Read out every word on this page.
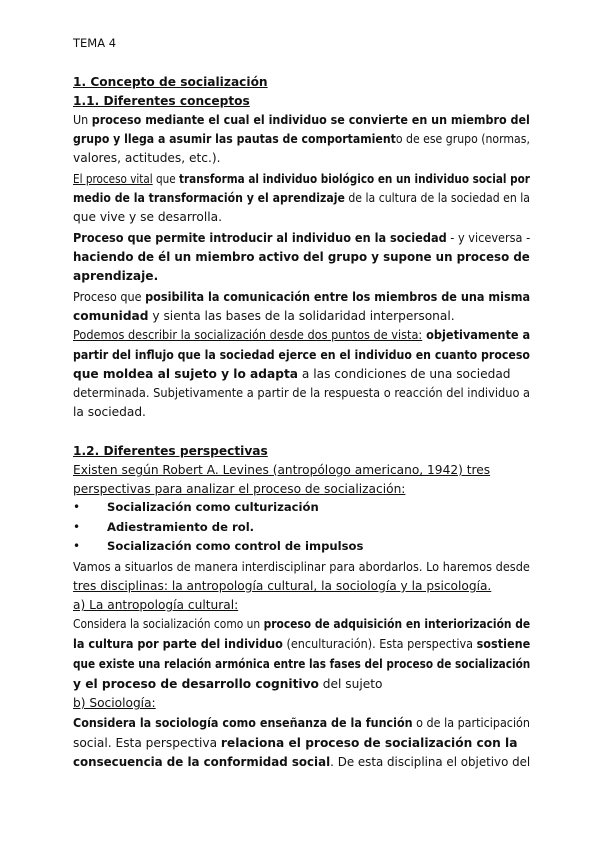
TEMA 4
1. Concepto de socialización
1.1. Diferentes conceptos
Un proceso mediante el cual el individuo se convierte en un miembro del
grupo y llega a asumir las pautas de comportamiento de ese grupo (normas,
valores, actitudes, etc.).
El proceso vital que transforma al individuo biológico en un individuo social por
medio de la transformación y el aprendizaje de la cultura de la sociedad en la
que vive y se desarrolla.
Proceso que permite introducir al individuo en la sociedad - y viceversa -
haciendo de él un miembro activo del grupo y supone un proceso de
aprendizaje.
Proceso que posibilita la comunicación entre los miembros de una misma
comunidad y sienta las bases de la solidaridad interpersonal.
Podemos describir la socialización desde dos puntos de vista: objetivamente a
partir del influjo que la sociedad ejerce en el individuo en cuanto proceso
que moldea al sujeto y lo adapta a las condiciones de una sociedad
determinada. Subjetivamente a partir de la respuesta o reacción del individuo a
la sociedad.
1.2. Diferentes perspectivas
Existen según Robert A. Levines (antropólogo americano, 1942) tres
perspectivas para analizar el proceso de socialización:
• Socialización como culturización
• Adiestramiento de rol.
• Socialización como control de impulsos
Vamos a situarlos de manera interdisciplinar para abordarlos. Lo haremos desde
tres disciplinas: la antropología cultural, la sociología y la psicología.
a) La antropología cultural:
Considera la socialización como un proceso de adquisición en interiorización de
la cultura por parte del individuo (enculturación). Esta perspectiva sostiene
que existe una relación armónica entre las fases del proceso de socialización
y el proceso de desarrollo cognitivo del sujeto
b) Sociología:
Considera la sociología como enseñanza de la función o de la participación
social. Esta perspectiva relaciona el proceso de socialización con la
consecuencia de la conformidad social. De esta disciplina el objetivo del
